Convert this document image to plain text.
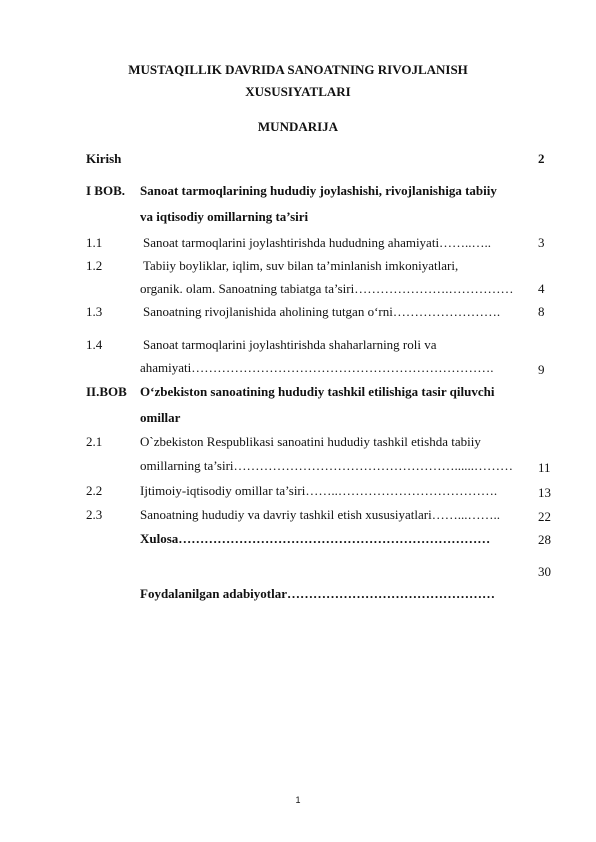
MUSTAQILLIK DAVRIDA SANOATNING RIVOJLANISH
XUSUSIYATLARI
MUNDARIJA
Kirish	2
I BOB. Sanoat tarmoqlarining hududiy joylashishi, rivojlanishiga tabiiy
va iqtisodiy omillarning ta’siri
1.1	Sanoat tarmoqlarini joylashtirishda hududning ahamiyati……..…..	3
1.2	Tabiiy boyliklar, iqlim, suv bilan ta’minlanish imkoniyatlari,
organik. olam. Sanoatning tabiatga ta’siri………………….…………… 4
1.3	Sanoatning rivojlanishida aholining tutgan o‘rni…………………….	8
1.4	Sanoat tarmoqlarini joylashtirishda shaharlarning roli va
ahamiyati…………………………………………………………….	9
II.BOB O‘zbekiston sanoatining hududiy tashkil etilishiga tasir qiluvchi
omillar
2.1	O`zbekiston Respublikasi sanoatini hududiy tashkil etishda tabiiy
omillarning ta’siri……………………………………………......……… 11
2.2	Ijtimoiy-iqtisodiy omillar ta’siri……..……………………………….	13
2.3	Sanoatning hududiy va davriy tashkil etish xususiyatlari……...……..	22
Xulosa………………………………………………………………	28
30
Foydalanilgan adabiyotlar…………………………………………
1
